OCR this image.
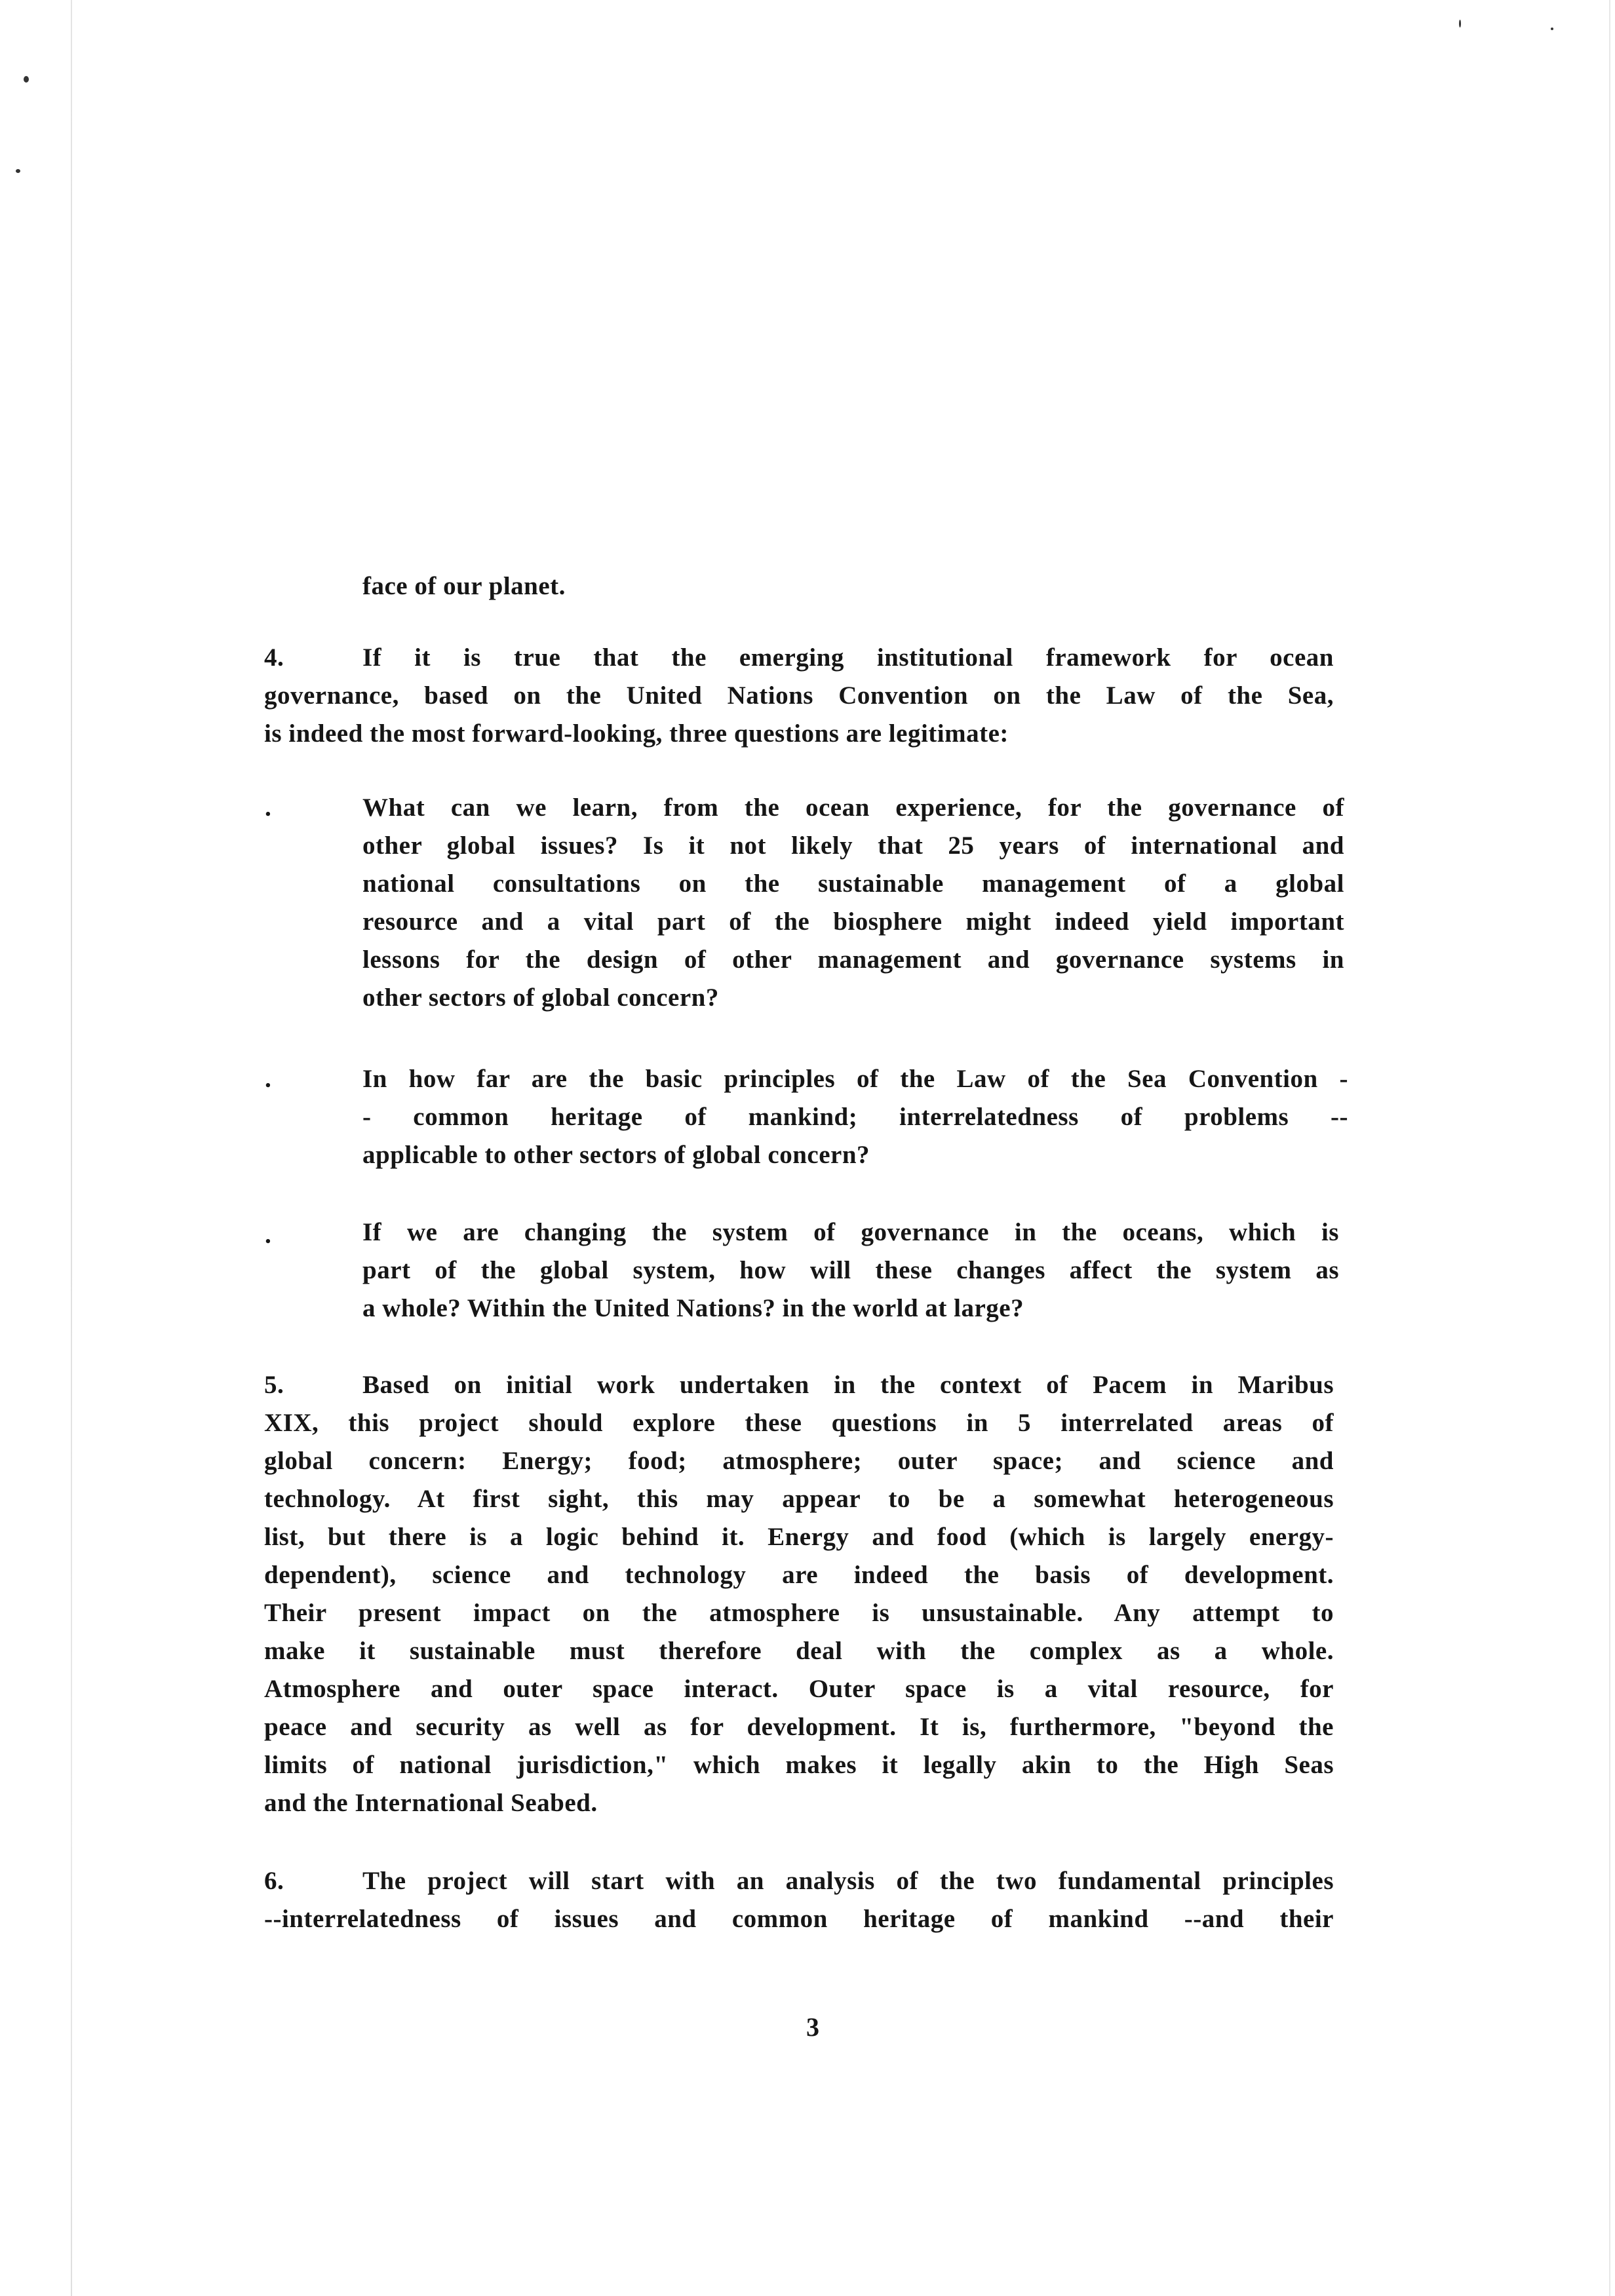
face of our planet.
4.	If it is true that the emerging institutional framework for ocean
governance, based on the United Nations Convention on the Law of the Sea,
is indeed the most forward-looking, three questions are legitimate:
.	What can we learn, from the ocean experience, for the governance of
other global issues? Is it not likely that 25 years of international and
national consultations on the sustainable management of a global
resource and a vital part of the biosphere might indeed yield important
lessons for the design of other management and governance systems in
other sectors of global concern?
.	In how far are the basic principles of the Law of the Sea Convention -
- common heritage of mankind; interrelatedness of problems --
applicable to other sectors of global concern?
.	If we are changing the system of governance in the oceans, which is
part of the global system, how will these changes affect the system as
a whole? Within the United Nations? in the world at large?
5.	Based on initial work undertaken in the context of Pacem in Maribus
XIX, this project should explore these questions in 5 interrelated areas of
global concern: Energy; food; atmosphere; outer space; and science and
technology. At first sight, this may appear to be a somewhat heterogeneous
list, but there is a logic behind it. Energy and food (which is largely energy-
dependent), science and technology are indeed the basis of development.
Their present impact on the atmosphere is unsustainable. Any attempt to
make it sustainable must therefore deal with the complex as a whole.
Atmosphere and outer space interact. Outer space is a vital resource, for
peace and security as well as for development. It is, furthermore, "beyond the
limits of national jurisdiction," which makes it legally akin to the High Seas
and the International Seabed.
6.	The project will start with an analysis of the two fundamental principles
--interrelatedness of issues and common heritage of mankind --and their
3
